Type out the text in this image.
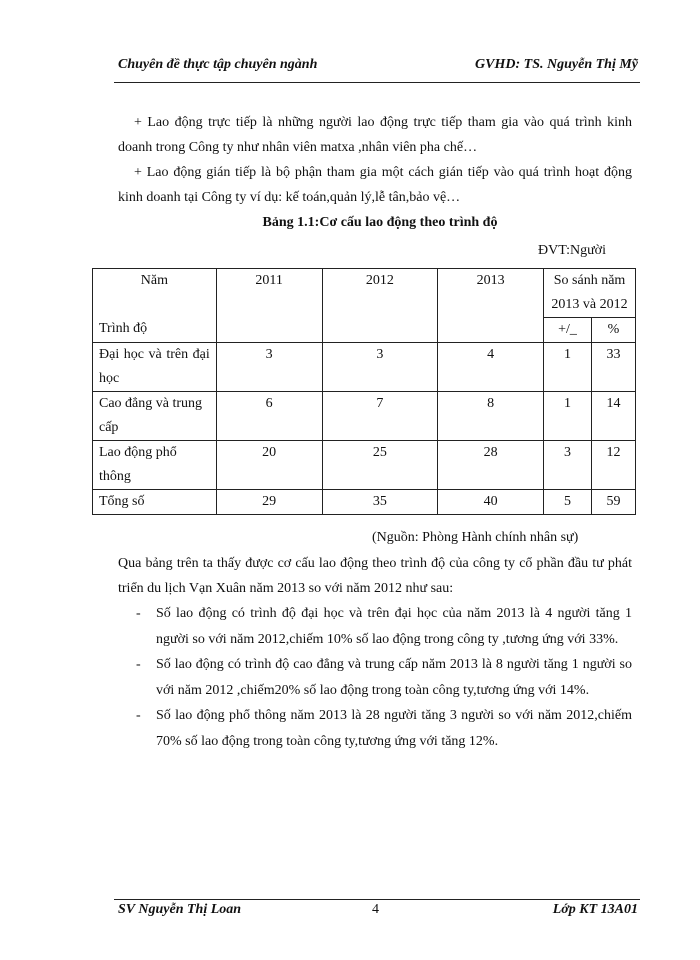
Chuyên đề thực tập chuyên ngành	GVHD: TS. Nguyễn Thị Mỹ
+ Lao động trực tiếp là những người lao động trực tiếp tham gia vào quá trình kinh doanh trong Công ty như nhân viên matxa ,nhân viên pha chế…
+ Lao động gián tiếp là bộ phận tham gia một cách gián tiếp vào quá trình hoạt động kinh doanh tại Công ty ví dụ: kế toán,quản lý,lễ tân,bảo vệ…
Bảng 1.1:Cơ cấu lao động theo trình độ
ĐVT:Người
Năm
Trình độ	2011	2012	2013	So sánh năm 2013 và 2012	
				+/_	%
Đại học và trên đại học	3	3	4	1	33
Cao đẳng và trung cấp	6	7	8	1	14
Lao động phổ thông	20	25	28	3	12
Tổng số	29	35	40	5	59
(Nguồn: Phòng Hành chính nhân sự)
Qua bảng trên ta thấy được cơ cấu lao động theo trình độ của công ty cổ phần đầu tư phát triển du lịch Vạn Xuân năm 2013 so với năm 2012 như sau:
- Số lao động có trình độ đại học và trên đại học của năm 2013 là 4 người tăng 1 người so với năm 2012,chiếm 10% số lao động trong công ty ,tương ứng với 33%.
- Số lao động có trình độ cao đẳng và trung cấp năm 2013 là 8 người tăng 1 người so với năm 2012 ,chiếm20% số lao động trong toàn công ty,tương ứng với 14%.
- Số lao động phổ thông năm 2013 là 28 người tăng 3 người so với năm 2012,chiếm 70% số lao động trong toàn công ty,tương ứng với tăng 12%.
SV Nguyễn Thị Loan	4	Lớp KT 13A01
